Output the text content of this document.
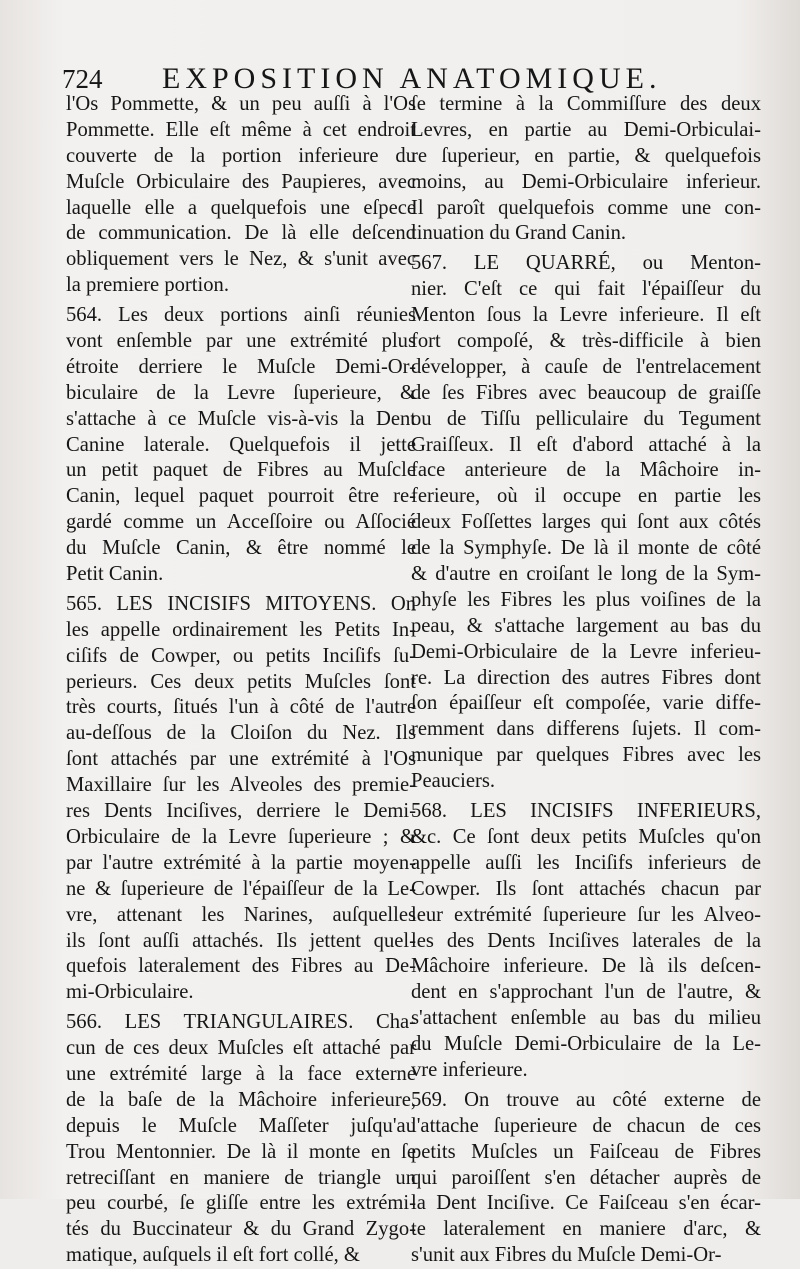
724 EXPOSITION ANATOMIQUE.
l'Os Pommette, & un peu auſſi à l'Os
Pommette. Elle eſt même à cet endroit
couverte de la portion inferieure du
Muſcle Orbiculaire des Paupieres, avec
laquelle elle a quelquefois une eſpece
de communication. De là elle deſcend
obliquement vers le Nez, & s'unit avec
la premiere portion.
564. Les deux portions ainſi réunies
vont enſemble par une extrémité plus
étroite derriere le Muſcle Demi-Or-
biculaire de la Levre ſuperieure, &
s'attache à ce Muſcle vis-à-vis la Dent
Canine laterale. Quelquefois il jette
un petit paquet de Fibres au Muſcle
Canin, lequel paquet pourroit être re-
gardé comme un Acceſſoire ou Aſſocié
du Muſcle Canin, & être nommé le
Petit Canin.
565. LES INCISIFS MITOYENS. On
les appelle ordinairement les Petits In-
ciſifs de Cowper, ou petits Inciſifs ſu-
perieurs. Ces deux petits Muſcles ſont
très courts, ſitués l'un à côté de l'autre
au-deſſous de la Cloiſon du Nez. Ils
ſont attachés par une extrémité à l'Os
Maxillaire ſur les Alveoles des premie-
res Dents Inciſives, derriere le Demi-
Orbiculaire de la Levre ſuperieure ; &
par l'autre extrémité à la partie moyen-
ne & ſuperieure de l'épaiſſeur de la Le-
vre, attenant les Narines, auſquelles
ils ſont auſſi attachés. Ils jettent quel-
quefois lateralement des Fibres au De-
mi-Orbiculaire.
566. LES TRIANGULAIRES. Cha-
cun de ces deux Muſcles eſt attaché par
une extrémité large à la face externe
de la baſe de la Mâchoire inferieure,
depuis le Muſcle Maſſeter juſqu'au
Trou Mentonnier. De là il monte en ſe
retreciſſant en maniere de triangle un
peu courbé, ſe gliſſe entre les extrémi-
tés du Buccinateur & du Grand Zygo-
matique, auſquels il eſt fort collé, &
ſe termine à la Commiſſure des deux
Levres, en partie au Demi-Orbiculai-
re ſuperieur, en partie, & quelquefois
moins, au Demi-Orbiculaire inferieur.
Il paroît quelquefois comme une con-
tinuation du Grand Canin.
567. LE QUARRÉ, ou Menton-
nier. C'eſt ce qui fait l'épaiſſeur du
Menton ſous la Levre inferieure. Il eſt
fort compoſé, & très-difficile à bien
développer, à cauſe de l'entrelacement
de ſes Fibres avec beaucoup de graiſſe
ou de Tiſſu pelliculaire du Tegument
Graiſſeux. Il eſt d'abord attaché à la
face anterieure de la Mâchoire in-
ferieure, où il occupe en partie les
deux Foſſettes larges qui ſont aux côtés
de la Symphyſe. De là il monte de côté
& d'autre en croiſant le long de la Sym-
phyſe les Fibres les plus voiſines de la
peau, & s'attache largement au bas du
Demi-Orbiculaire de la Levre inferieu-
re. La direction des autres Fibres dont
ſon épaiſſeur eſt compoſée, varie diffe-
remment dans differens ſujets. Il com-
munique par quelques Fibres avec les
Peauciers.
568. LES INCISIFS INFERIEURS,
&c. Ce ſont deux petits Muſcles qu'on
appelle auſſi les Inciſifs inferieurs de
Cowper. Ils ſont attachés chacun par
leur extrémité ſuperieure ſur les Alveo-
les des Dents Inciſives laterales de la
Mâchoire inferieure. De là ils deſcen-
dent en s'approchant l'un de l'autre, &
s'attachent enſemble au bas du milieu
du Muſcle Demi-Orbiculaire de la Le-
vre inferieure.
569. On trouve au côté externe de
l'attache ſuperieure de chacun de ces
petits Muſcles un Faiſceau de Fibres
qui paroiſſent s'en détacher auprès de
la Dent Inciſive. Ce Faiſceau s'en écar-
te lateralement en maniere d'arc, &
s'unit aux Fibres du Muſcle Demi-Or-
